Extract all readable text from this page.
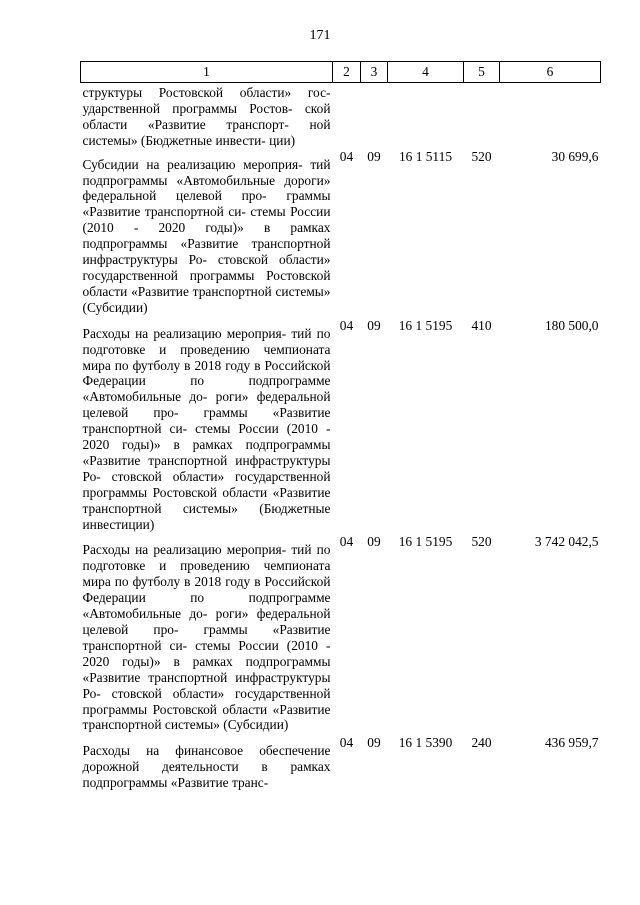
171
1	2	3	4	5	6
структуры Ростовской области» гос- ударственной программы Ростов- ской области «Развитие транспорт- ной системы» (Бюджетные инвести- ции)					
Субсидии на реализацию мероприя- тий подпрограммы «Автомобильные дороги» федеральной целевой про- граммы «Развитие транспортной си- стемы России (2010 - 2020 годы)» в рамках подпрограммы «Развитие транспортной инфраструктуры Ро- стовской области» государственной программы Ростовской области «Развитие транспортной системы» (Субсидии)	04	09	16 1 5115	520	30 699,6
Расходы на реализацию мероприя- тий по подготовке и проведению чемпионата мира по футболу в 2018 году в Российской Федерации по подпрограмме «Автомобильные до- роги» федеральной целевой про- граммы «Развитие транспортной си- стемы России (2010 - 2020 годы)» в рамках подпрограммы «Развитие транспортной инфраструктуры Ро- стовской области» государственной программы Ростовской области «Развитие транспортной системы» (Бюджетные инвестиции)	04	09	16 1 5195	410	180 500,0
Расходы на реализацию мероприя- тий по подготовке и проведению чемпионата мира по футболу в 2018 году в Российской Федерации по подпрограмме «Автомобильные до- роги» федеральной целевой про- граммы «Развитие транспортной си- стемы России (2010 - 2020 годы)» в рамках подпрограммы «Развитие транспортной инфраструктуры Ро- стовской области» государственной программы Ростовской области «Развитие транспортной системы» (Субсидии)	04	09	16 1 5195	520	3 742 042,5
Расходы на финансовое обеспечение дорожной деятельности в рамках подпрограммы «Развитие транс-	04	09	16 1 5390	240	436 959,7
